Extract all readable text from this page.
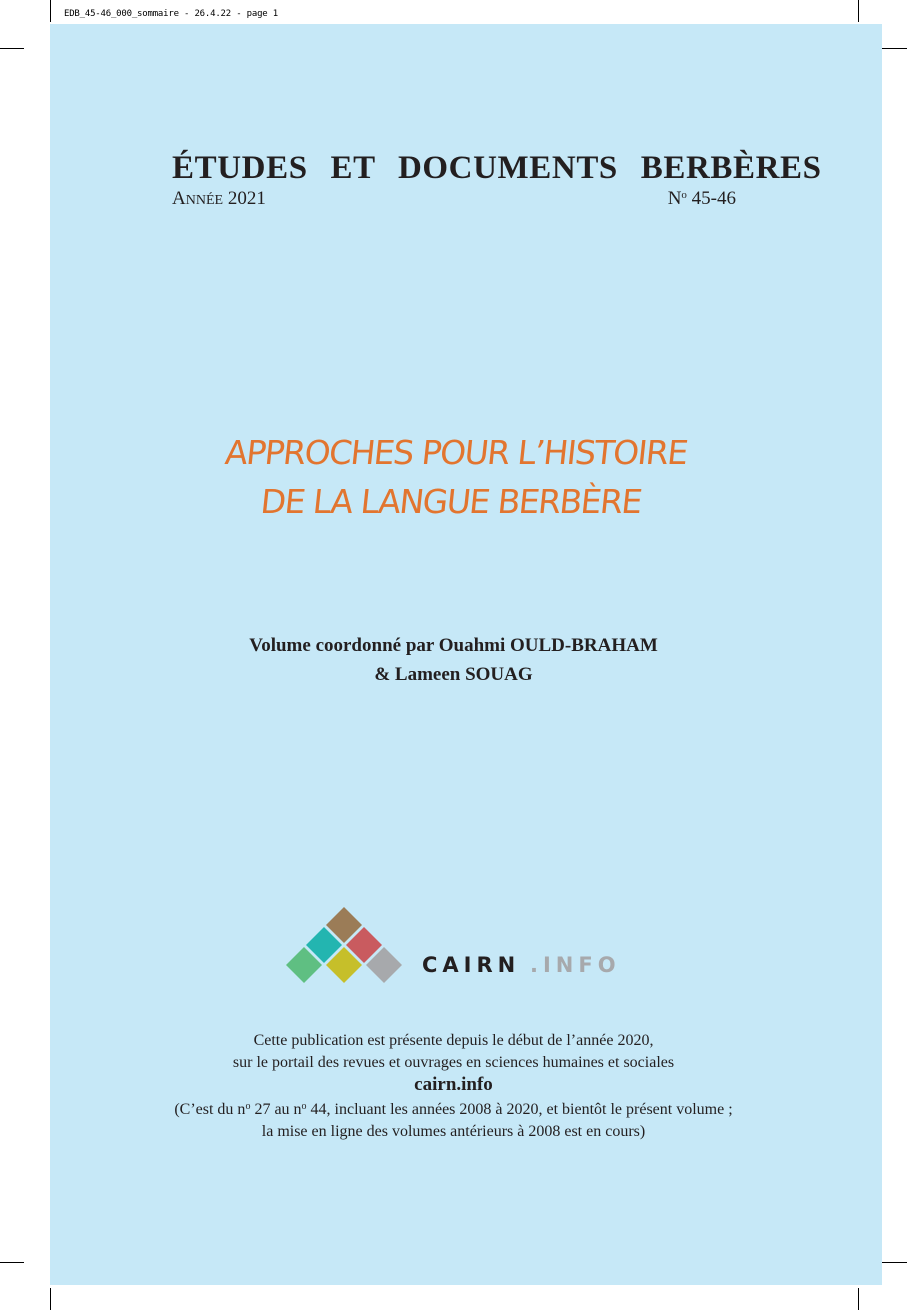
EDB_45-46_000_sommaire - 26.4.22 - page 1
ÉTUDES ET DOCUMENTS BERBÈRES
ANNÉE 2021	$N^o$ 45-46
APPROCHES POUR L’HISTOIRE
DE LA LANGUE BERBÈRE
Volume coordonné par Ouahmi OULD-BRAHAM
& Lameen SOUAG
CAIRN .INFO
Cette publication est présente depuis le début de l’année 2020,
sur le portail des revues et ouvrages en sciences humaines et sociales
cairn.info
(C’est du $n^o$ 27 au $n^o$ 44, incluant les années 2008 à 2020, et bientôt le présent volume ;
la mise en ligne des volumes antérieurs à 2008 est en cours)
